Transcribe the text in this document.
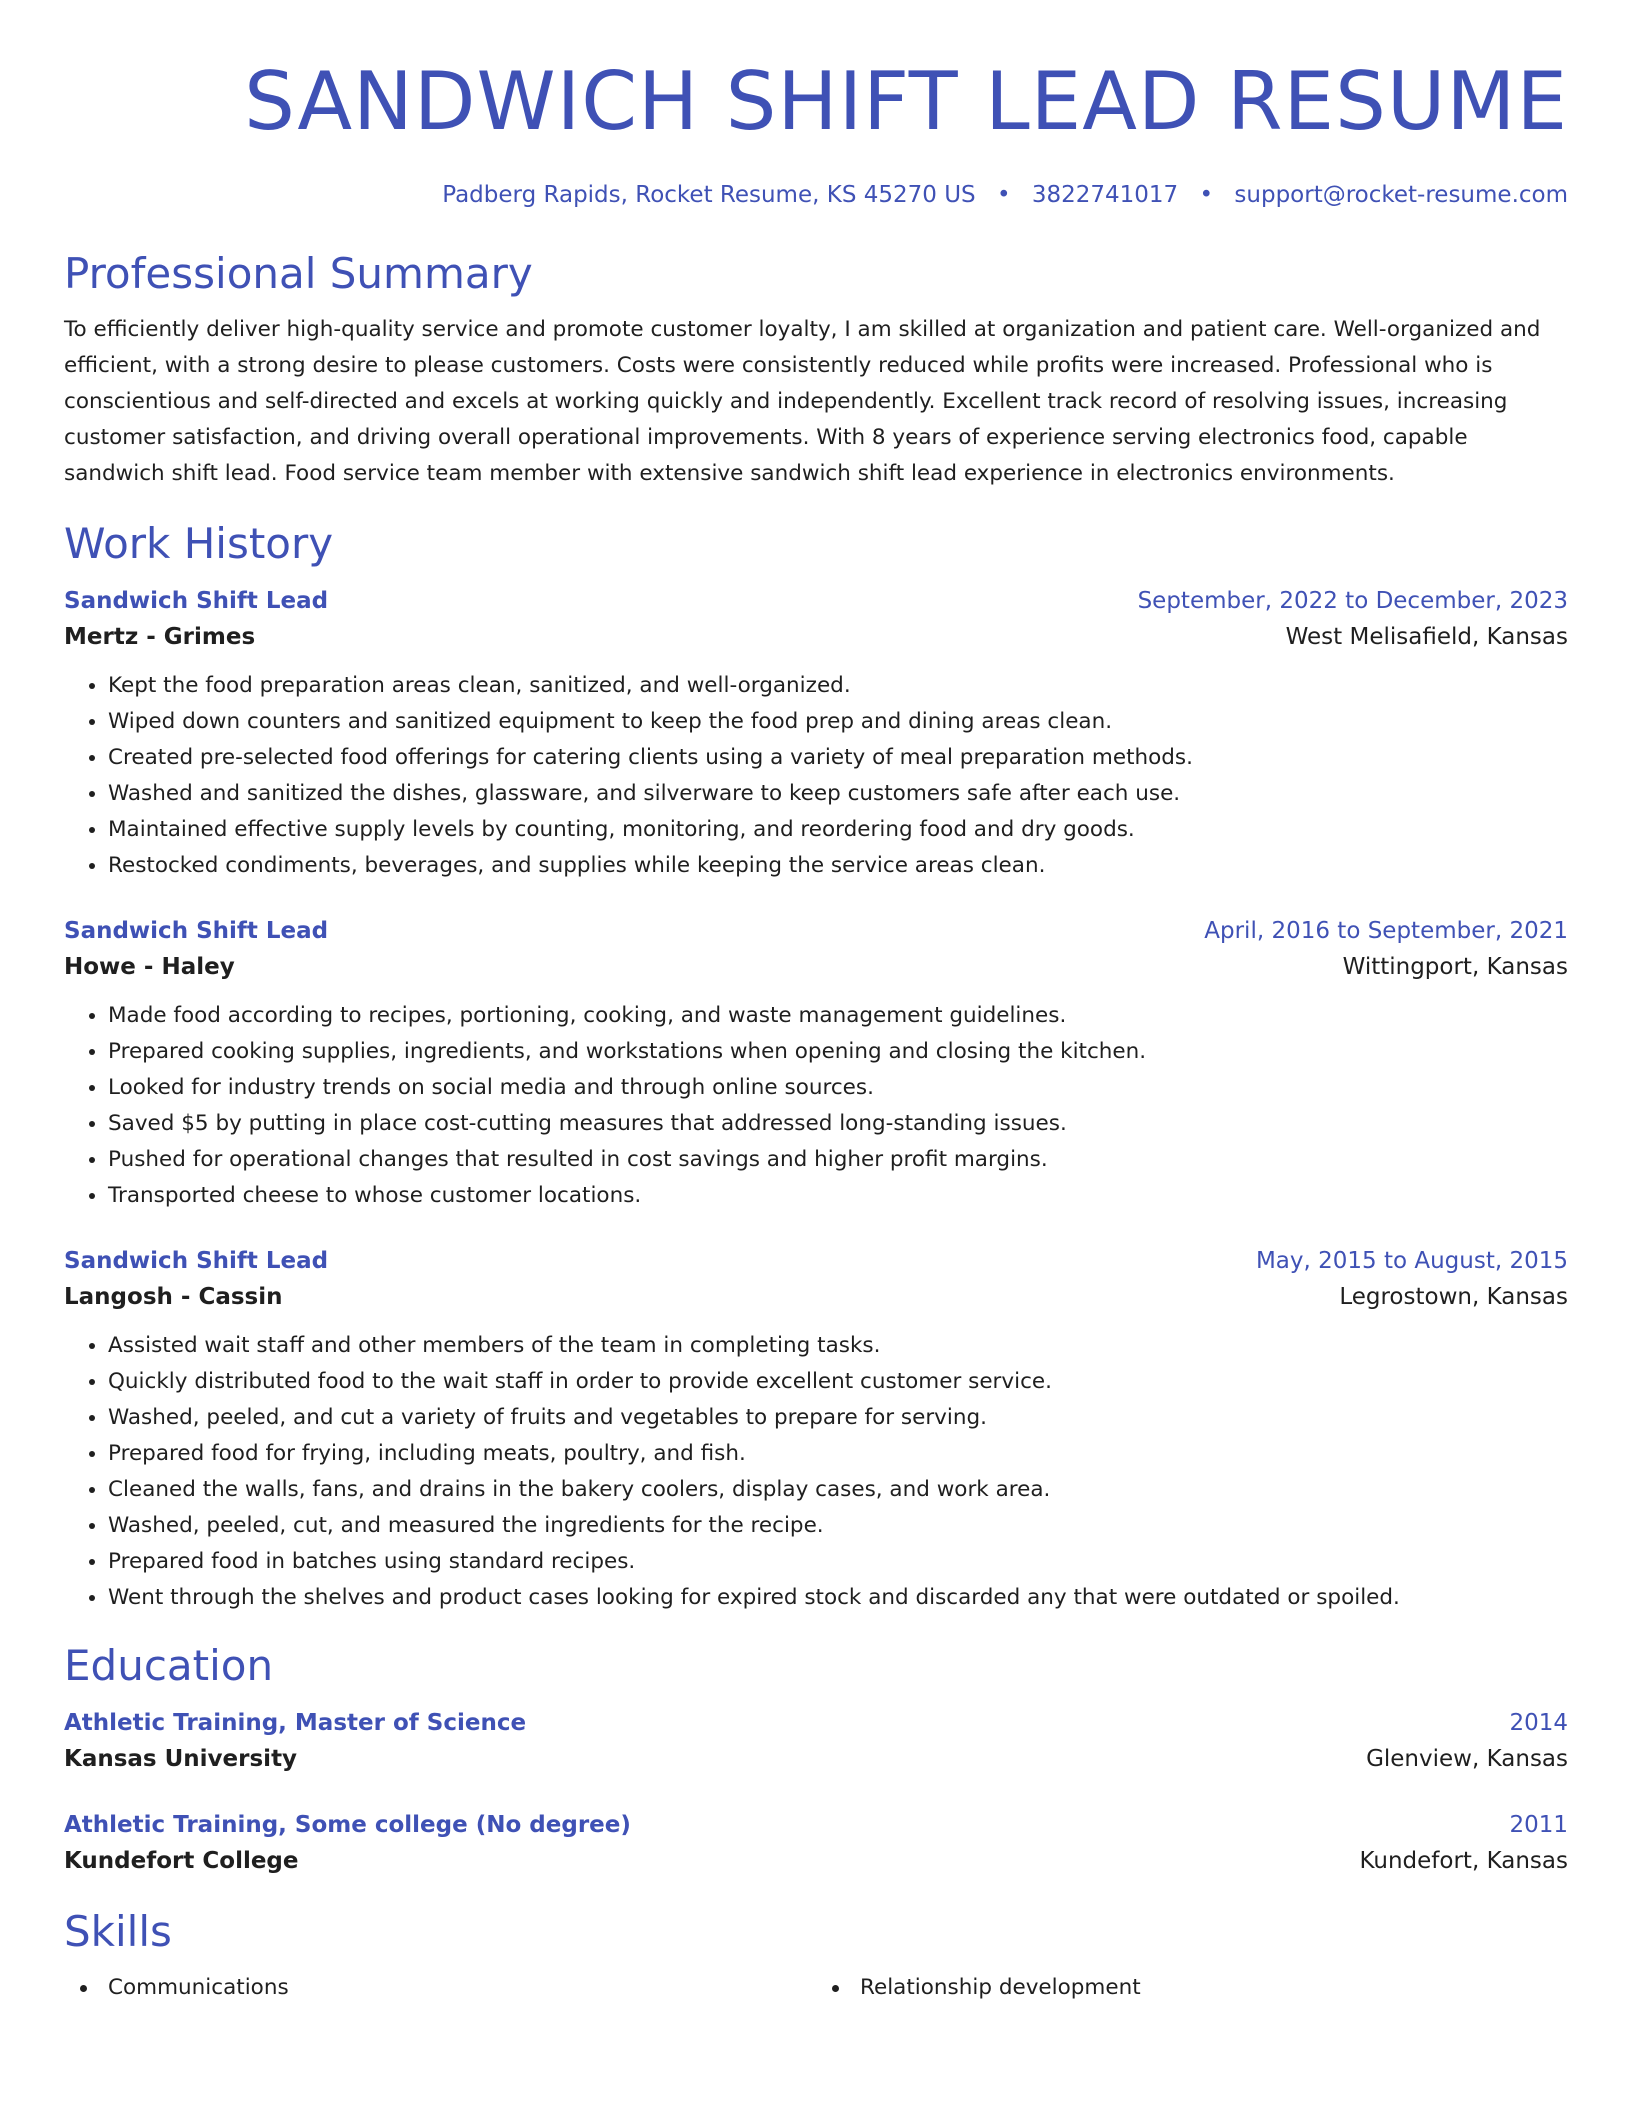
SANDWICH SHIFT LEAD RESUME
Padberg Rapids, Rocket Resume, KS 45270 US • 3822741017 • support@rocket-resume.com
Professional Summary
To efficiently deliver high-quality service and promote customer loyalty, I am skilled at organization and patient care. Well-organized and efficient, with a strong desire to please customers. Costs were consistently reduced while profits were increased. Professional who is conscientious and self-directed and excels at working quickly and independently. Excellent track record of resolving issues, increasing customer satisfaction, and driving overall operational improvements. With 8 years of experience serving electronics food, capable sandwich shift lead. Food service team member with extensive sandwich shift lead experience in electronics environments.
Work History
Sandwich Shift Lead	September, 2022 to December, 2023
Mertz - Grimes	West Melisafield, Kansas
• Kept the food preparation areas clean, sanitized, and well-organized.
• Wiped down counters and sanitized equipment to keep the food prep and dining areas clean.
• Created pre-selected food offerings for catering clients using a variety of meal preparation methods.
• Washed and sanitized the dishes, glassware, and silverware to keep customers safe after each use.
• Maintained effective supply levels by counting, monitoring, and reordering food and dry goods.
• Restocked condiments, beverages, and supplies while keeping the service areas clean.
Sandwich Shift Lead	April, 2016 to September, 2021
Howe - Haley	Wittingport, Kansas
• Made food according to recipes, portioning, cooking, and waste management guidelines.
• Prepared cooking supplies, ingredients, and workstations when opening and closing the kitchen.
• Looked for industry trends on social media and through online sources.
• Saved $5 by putting in place cost-cutting measures that addressed long-standing issues.
• Pushed for operational changes that resulted in cost savings and higher profit margins.
• Transported cheese to whose customer locations.
Sandwich Shift Lead	May, 2015 to August, 2015
Langosh - Cassin	Legrostown, Kansas
• Assisted wait staff and other members of the team in completing tasks.
• Quickly distributed food to the wait staff in order to provide excellent customer service.
• Washed, peeled, and cut a variety of fruits and vegetables to prepare for serving.
• Prepared food for frying, including meats, poultry, and fish.
• Cleaned the walls, fans, and drains in the bakery coolers, display cases, and work area.
• Washed, peeled, cut, and measured the ingredients for the recipe.
• Prepared food in batches using standard recipes.
• Went through the shelves and product cases looking for expired stock and discarded any that were outdated or spoiled.
Education
Athletic Training, Master of Science	2014
Kansas University	Glenview, Kansas
Athletic Training, Some college (No degree)	2011
Kundefort College	Kundefort, Kansas
Skills
Communications	Relationship development
